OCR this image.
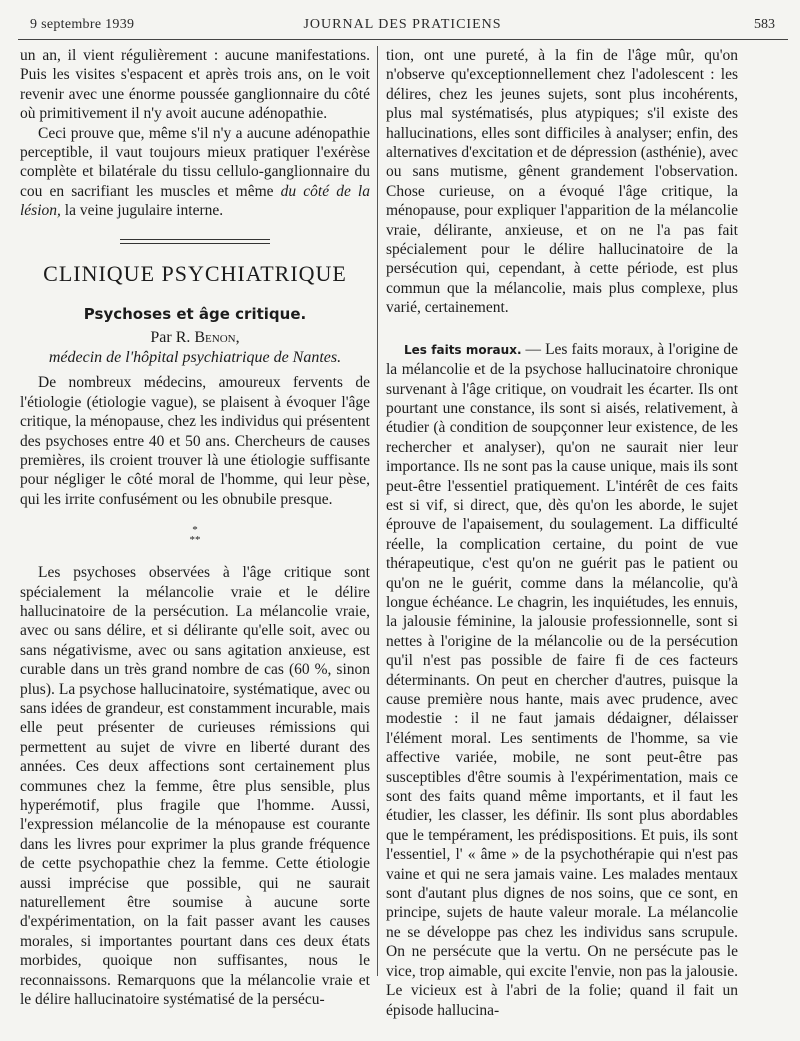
9 septembre 1939	JOURNAL DES PRATICIENS	583

un an, il vient régulièrement : aucune manifestations. Puis les visites s'espacent et après trois ans, on le voit revenir avec une énorme poussée ganglionnaire du côté où primitivement il n'y avoit aucune adénopathie.

Ceci prouve que, même s'il n'y a aucune adénopathie perceptible, il vaut toujours mieux pratiquer l'exérèse complète et bilatérale du tissu cellulo-ganglionnaire du cou en sacrifiant les muscles et même du côté de la lésion, la veine jugulaire interne.

CLINIQUE PSYCHIATRIQUE

Psychoses et âge critique.

Par R. Benon,

médecin de l'hôpital psychiatrique de Nantes.

De nombreux médecins, amoureux fervents de l'étiologie (étiologie vague), se plaisent à évoquer l'âge critique, la ménopause, chez les individus qui présentent des psychoses entre 40 et 50 ans. Chercheurs de causes premières, ils croient trouver là une étiologie suffisante pour négliger le côté moral de l'homme, qui leur pèse, qui les irrite confusément ou les obnubile presque.

*
**

Les psychoses observées à l'âge critique sont spécialement la mélancolie vraie et le délire hallucinatoire de la persécution. La mélancolie vraie, avec ou sans délire, et si délirante qu'elle soit, avec ou sans négativisme, avec ou sans agitation anxieuse, est curable dans un très grand nombre de cas (60 %, sinon plus). La psychose hallucinatoire, systématique, avec ou sans idées de grandeur, est constamment incurable, mais elle peut présenter de curieuses rémissions qui permettent au sujet de vivre en liberté durant des années. Ces deux affections sont certainement plus communes chez la femme, être plus sensible, plus hyperémotif, plus fragile que l'homme. Aussi, l'expression mélancolie de la ménopause est courante dans les livres pour exprimer la plus grande fréquence de cette psychopathie chez la femme. Cette étiologie aussi imprécise que possible, qui ne saurait naturellement être soumise à aucune sorte d'expérimentation, on la fait passer avant les causes morales, si importantes pourtant dans ces deux états morbides, quoique non suffisantes, nous le reconnaissons. Remarquons que la mélancolie vraie et le délire hallucinatoire systématisé de la persécu-

tion, ont une pureté, à la fin de l'âge mûr, qu'on n'observe qu'exceptionnellement chez l'adolescent : les délires, chez les jeunes sujets, sont plus incohérents, plus mal systématisés, plus atypiques; s'il existe des hallucinations, elles sont difficiles à analyser; enfin, des alternatives d'excitation et de dépression (asthénie), avec ou sans mutisme, gênent grandement l'observation. Chose curieuse, on a évoqué l'âge critique, la ménopause, pour expliquer l'apparition de la mélancolie vraie, délirante, anxieuse, et on ne l'a pas fait spécialement pour le délire hallucinatoire de la persécution qui, cependant, à cette période, est plus commun que la mélancolie, mais plus complexe, plus varié, certainement.

Les faits moraux. — Les faits moraux, à l'origine de la mélancolie et de la psychose hallucinatoire chronique survenant à l'âge critique, on voudrait les écarter. Ils ont pourtant une constance, ils sont si aisés, relativement, à étudier (à condition de soupçonner leur existence, de les rechercher et analyser), qu'on ne saurait nier leur importance. Ils ne sont pas la cause unique, mais ils sont peut-être l'essentiel pratiquement. L'intérêt de ces faits est si vif, si direct, que, dès qu'on les aborde, le sujet éprouve de l'apaisement, du soulagement. La difficulté réelle, la complication certaine, du point de vue thérapeutique, c'est qu'on ne guérit pas le patient ou qu'on ne le guérit, comme dans la mélancolie, qu'à longue échéance. Le chagrin, les inquiétudes, les ennuis, la jalousie féminine, la jalousie professionnelle, sont si nettes à l'origine de la mélancolie ou de la persécution qu'il n'est pas possible de faire fi de ces facteurs déterminants. On peut en chercher d'autres, puisque la cause première nous hante, mais avec prudence, avec modestie : il ne faut jamais dédaigner, délaisser l'élément moral. Les sentiments de l'homme, sa vie affective variée, mobile, ne sont peut-être pas susceptibles d'être soumis à l'expérimentation, mais ce sont des faits quand même importants, et il faut les étudier, les classer, les définir. Ils sont plus abordables que le tempérament, les prédispositions. Et puis, ils sont l'essentiel, l' « âme » de la psychothérapie qui n'est pas vaine et qui ne sera jamais vaine. Les malades mentaux sont d'autant plus dignes de nos soins, que ce sont, en principe, sujets de haute valeur morale. La mélancolie ne se développe pas chez les individus sans scrupule. On ne persécute que la vertu. On ne persécute pas le vice, trop aimable, qui excite l'envie, non pas la jalousie. Le vicieux est à l'abri de la folie; quand il fait un épisode hallucina-
